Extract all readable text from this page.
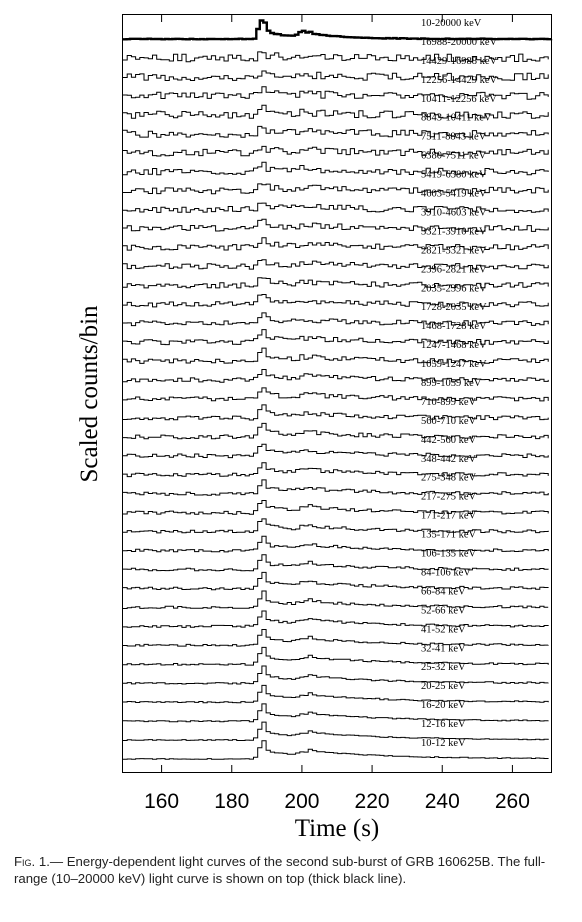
10-20000 keV
16988-20000 keV
14429-16988 keV
12256-14429 keV
10411-12256 keV
8843-10411 keV
7511-8843 keV
6380-7511 keV
5419-6380 keV
4603-5419 keV
3910-4603 keV
3321-3910 keV
2821-3321 keV
2396-2821 keV
2035-2396 keV
1728-2035 keV
1468-1728 keV
1247-1468 keV
1059-1247 keV
899-1059 keV
710-899 keV
560-710 keV
442-560 keV
348-442 keV
275-348 keV
217-275 keV
171-217 keV
135-171 keV
106-135 keV
84-106 keV
66-84 keV
52-66 keV
41-52 keV
32-41 keV
25-32 keV
20-25 keV
16-20 keV
12-16 keV
10-12 keV
160 180 200 220 240 260
Time (s)
Scaled counts/bin
Fig. 1.— Energy-dependent light curves of the second sub-burst of GRB 160625B. The full-range (10–20000 keV) light curve is shown on top (thick black line).
